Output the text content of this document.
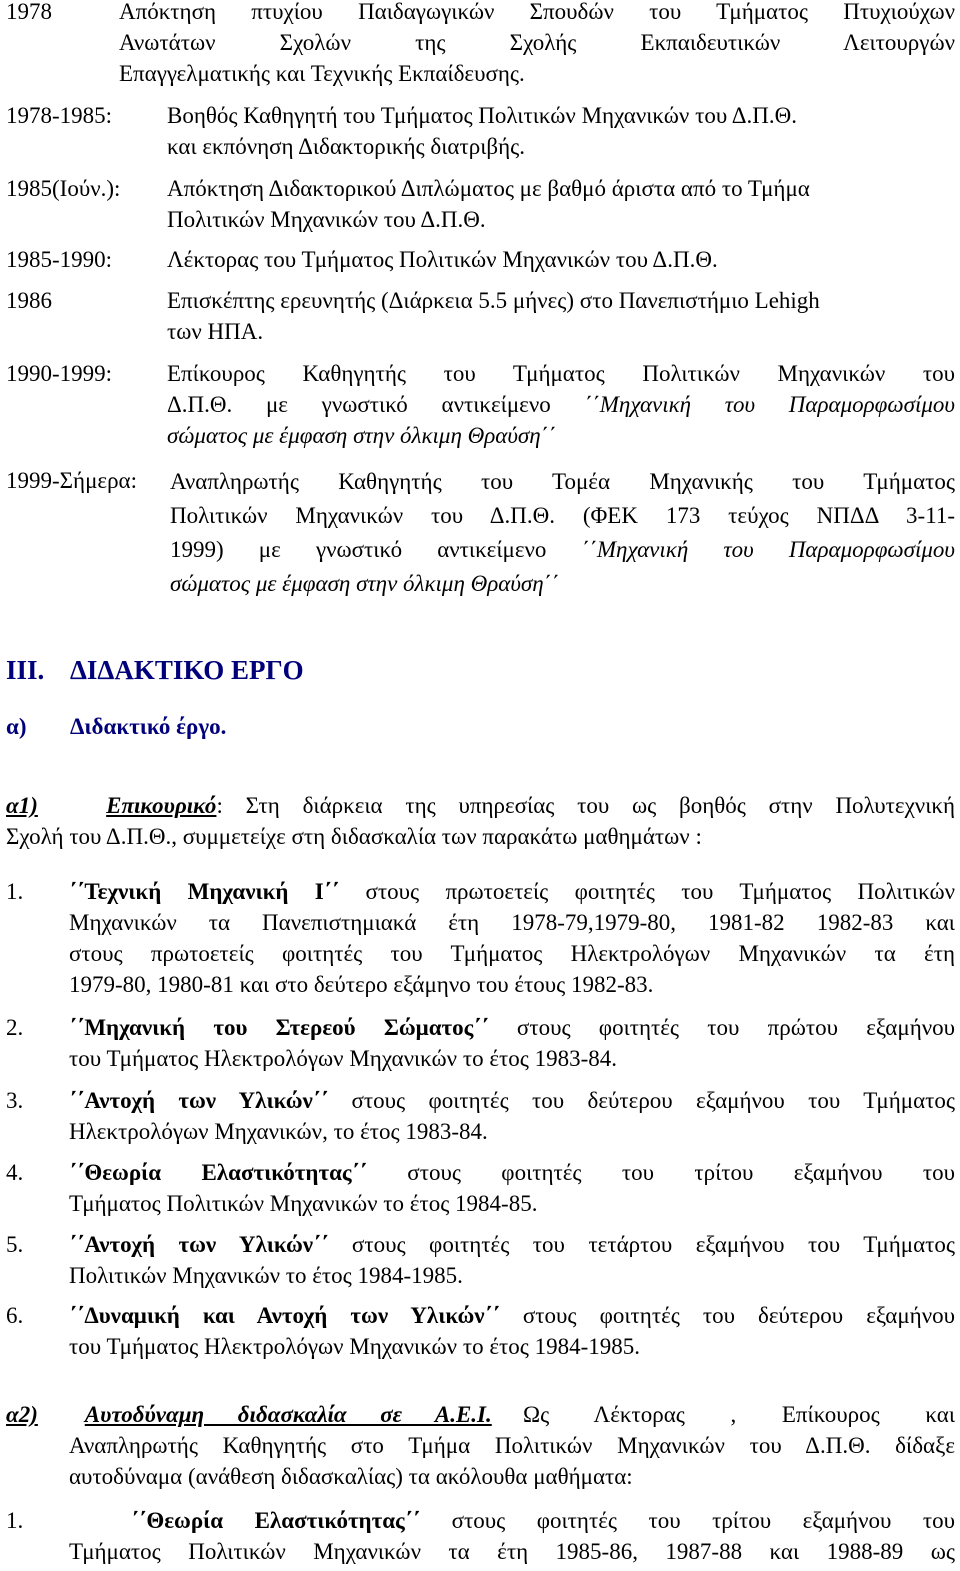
1978	Απόκτηση πτυχίου Παιδαγωγικών Σπουδών του Τμήματος Πτυχιούχων
Ανωτάτων Σχολών της Σχολής Εκπαιδευτικών Λειτουργών
Επαγγελματικής και Τεχνικής Εκπαίδευσης.
1978-1985: Βοηθός Καθηγητή του Τμήματος Πολιτικών Μηχανικών του Δ.Π.Θ.
και εκπόνηση Διδακτορικής διατριβής.
1985(Ιούν.): Απόκτηση Διδακτορικού Διπλώματος με βαθμό άριστα από το Τμήμα
Πολιτικών Μηχανικών του Δ.Π.Θ.
1985-1990: Λέκτορας του Τμήματος Πολιτικών Μηχανικών του Δ.Π.Θ.
1986	Επισκέπτης ερευνητής (Διάρκεια 5.5 μήνες) στο Πανεπιστήμιο Lehigh
των ΗΠΑ.
1990-1999: Επίκουρος Καθηγητής του Τμήματος Πολιτικών Μηχανικών του
Δ.Π.Θ. με γνωστικό αντικείμενο ΄΄Μηχανική του Παραμορφωσίμου
σώματος με έμφαση στην όλκιμη Θραύση΄΄
1999-Σήμερα: Αναπληρωτής Καθηγητής του Τομέα Μηχανικής του Τμήματος
Πολιτικών Μηχανικών του Δ.Π.Θ. (ΦΕΚ 173 τεύχος ΝΠΔΔ 3-11-
1999) με γνωστικό αντικείμενο ΄΄Μηχανική του Παραμορφωσίμου
σώματος με έμφαση στην όλκιμη Θραύση΄΄
ΙΙΙ. ΔΙΔΑΚΤΙΚΟ ΕΡΓΟ
α) Διδακτικό έργο.
α1)	Επικουρικό: Στη διάρκεια της υπηρεσίας του ως βοηθός στην Πολυτεχνική
Σχολή του Δ.Π.Θ., συμμετείχε στη διδασκαλία των παρακάτω μαθημάτων :
1. ΄΄Τεχνική Μηχανική Ι΄΄ στους πρωτοετείς φοιτητές του Τμήματος Πολιτικών
Μηχανικών τα Πανεπιστημιακά έτη 1978-79,1979-80, 1981-82 1982-83 και
στους πρωτοετείς φοιτητές του Τμήματος Ηλεκτρολόγων Μηχανικών τα έτη
1979-80, 1980-81 και στο δεύτερο εξάμηνο του έτους 1982-83.
2. ΄΄Μηχανική του Στερεού Σώματος΄΄ στους φοιτητές του πρώτου εξαμήνου
του Τμήματος Ηλεκτρολόγων Μηχανικών το έτος 1983-84.
3. ΄΄Αντοχή των Υλικών΄΄ στους φοιτητές του δεύτερου εξαμήνου του Τμήματος
Ηλεκτρολόγων Μηχανικών, το έτος 1983-84.
4. ΄΄Θεωρία Ελαστικότητας΄΄ στους φοιτητές του τρίτου εξαμήνου του
Τμήματος Πολιτικών Μηχανικών το έτος 1984-85.
5. ΄΄Αντοχή των Υλικών΄΄ στους φοιτητές του τετάρτου εξαμήνου του Τμήματος
Πολιτικών Μηχανικών το έτος 1984-1985.
6. ΄΄Δυναμική και Αντοχή των Υλικών΄΄ στους φοιτητές του δεύτερου εξαμήνου
του Τμήματος Ηλεκτρολόγων Μηχανικών το έτος 1984-1985.
α2) Αυτοδύναμη διδασκαλία σε Α.Ε.Ι. Ως Λέκτορας , Επίκουρος και
Αναπληρωτής Καθηγητής στο Τμήμα Πολιτικών Μηχανικών του Δ.Π.Θ. δίδαξε
αυτοδύναμα (ανάθεση διδασκαλίας) τα ακόλουθα μαθήματα:
1.	΄΄Θεωρία Ελαστικότητας΄΄ στους φοιτητές του τρίτου εξαμήνου του
Τμήματος Πολιτικών Μηχανικών τα έτη 1985-86, 1987-88 και 1988-89 ως
